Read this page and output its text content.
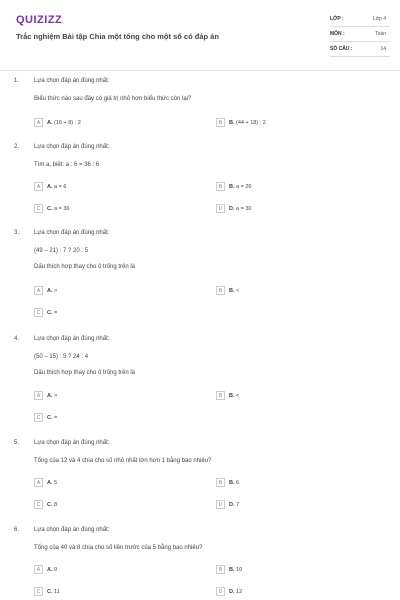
QUIZIZZ
Trắc nghiệm Bài tập Chia một tổng cho một số có đáp án
LỚP :	Lớp 4
MÔN :	Toán
SỐ CÂU :	14
1. Lựa chọn đáp án đúng nhất:
Biểu thức nào sau đây có giá trị nhỏ hơn biểu thức còn lại?
A	A. (16 + 8) : 2	B	B. (44 + 18) : 2
2. Lựa chọn đáp án đúng nhất:
Tìm a, biết: a : 6 = 36 : 6
A	A. a = 6	B	B. a = 26
C	C. a = 36	D	D. a = 30
3. Lựa chọn đáp án đúng nhất:
(49 – 21) : 7 ? 20 : 5
Dấu thích hợp thay cho ô trống trên là
A	A. >	B	B. <
C	C. =
4. Lựa chọn đáp án đúng nhất:
(50 – 15) : 5 ? 24 : 4
Dấu thích hợp thay cho ô trống trên là
A	A. >	B	B. <
C	C. =
5. Lựa chọn đáp án đúng nhất:
Tổng của 12 và 4 chia cho số nhỏ nhất lớn hơn 1 bằng bao nhiêu?
A	A. 5	B	B. 6
C	C. 8	D	D. 7
6. Lựa chọn đáp án đúng nhất:
Tổng của 40 và 8 chia cho số liền trước của 5 bằng bao nhiêu?
A	A. 9	B	B. 10
C	C. 11	D	D. 12
